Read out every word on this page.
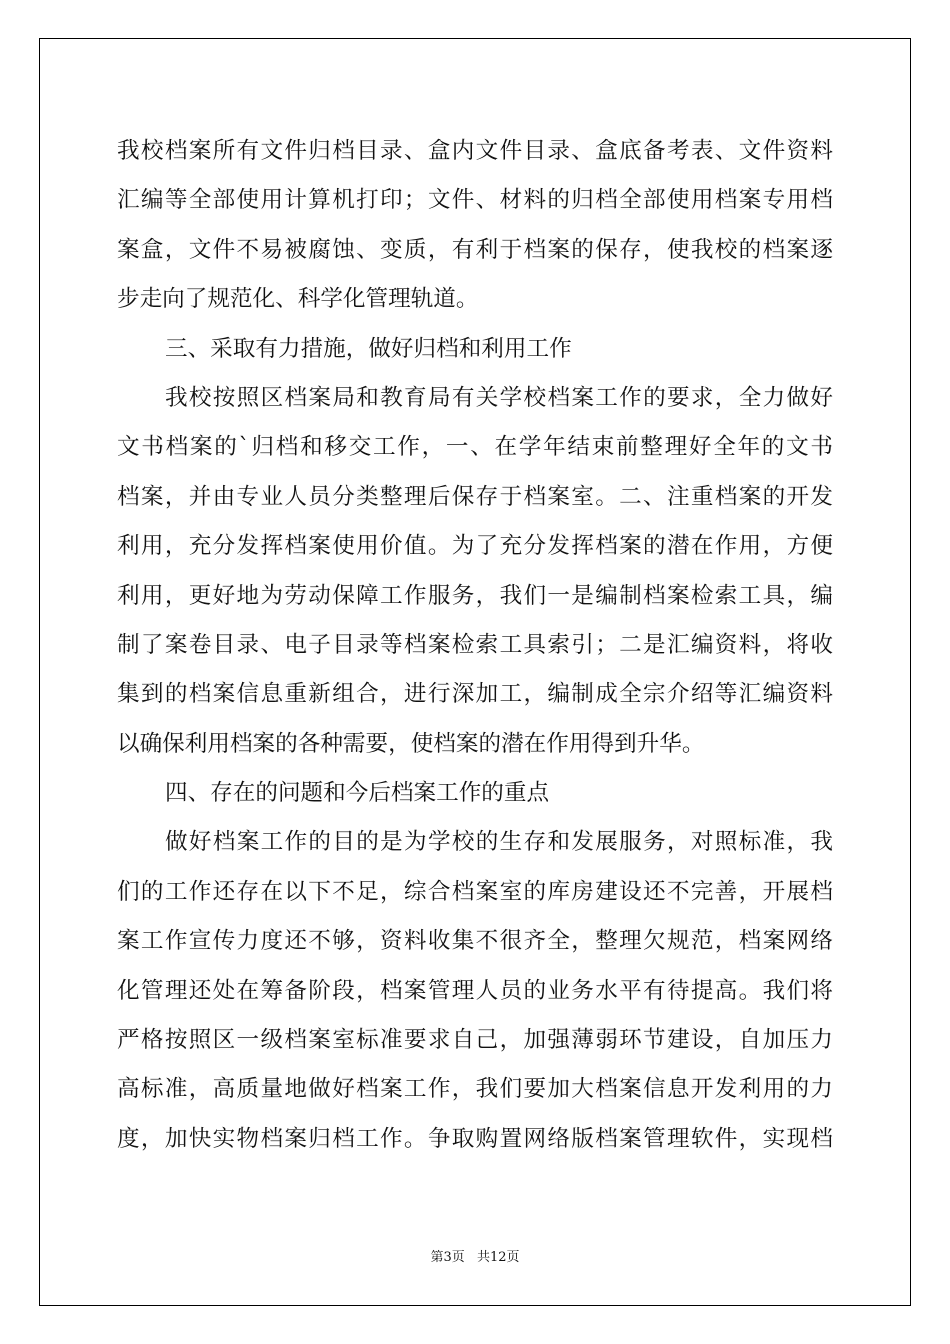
我校档案所有文件归档目录、盒内文件目录、盒底备考表、文件资料
汇编等全部使用计算机打印；文件、材料的归档全部使用档案专用档
案盒，文件不易被腐蚀、变质，有利于档案的保存，使我校的档案逐
步走向了规范化、科学化管理轨道。
三、采取有力措施，做好归档和利用工作
我校按照区档案局和教育局有关学校档案工作的要求，全力做好
文书档案的`归档和移交工作，一、在学年结束前整理好全年的文书
档案，并由专业人员分类整理后保存于档案室。二、注重档案的开发
利用，充分发挥档案使用价值。为了充分发挥档案的潜在作用，方便
利用，更好地为劳动保障工作服务，我们一是编制档案检索工具，编
制了案卷目录、电子目录等档案检索工具索引；二是汇编资料，将收
集到的档案信息重新组合，进行深加工，编制成全宗介绍等汇编资料
以确保利用档案的各种需要，使档案的潜在作用得到升华。
四、存在的问题和今后档案工作的重点
做好档案工作的目的是为学校的生存和发展服务，对照标准，我
们的工作还存在以下不足，综合档案室的库房建设还不完善，开展档
案工作宣传力度还不够，资料收集不很齐全，整理欠规范，档案网络
化管理还处在筹备阶段，档案管理人员的业务水平有待提高。我们将
严格按照区一级档案室标准要求自己，加强薄弱环节建设，自加压力
高标准，高质量地做好档案工作，我们要加大档案信息开发利用的力
度，加快实物档案归档工作。争取购置网络版档案管理软件，实现档
第3页 共12页
